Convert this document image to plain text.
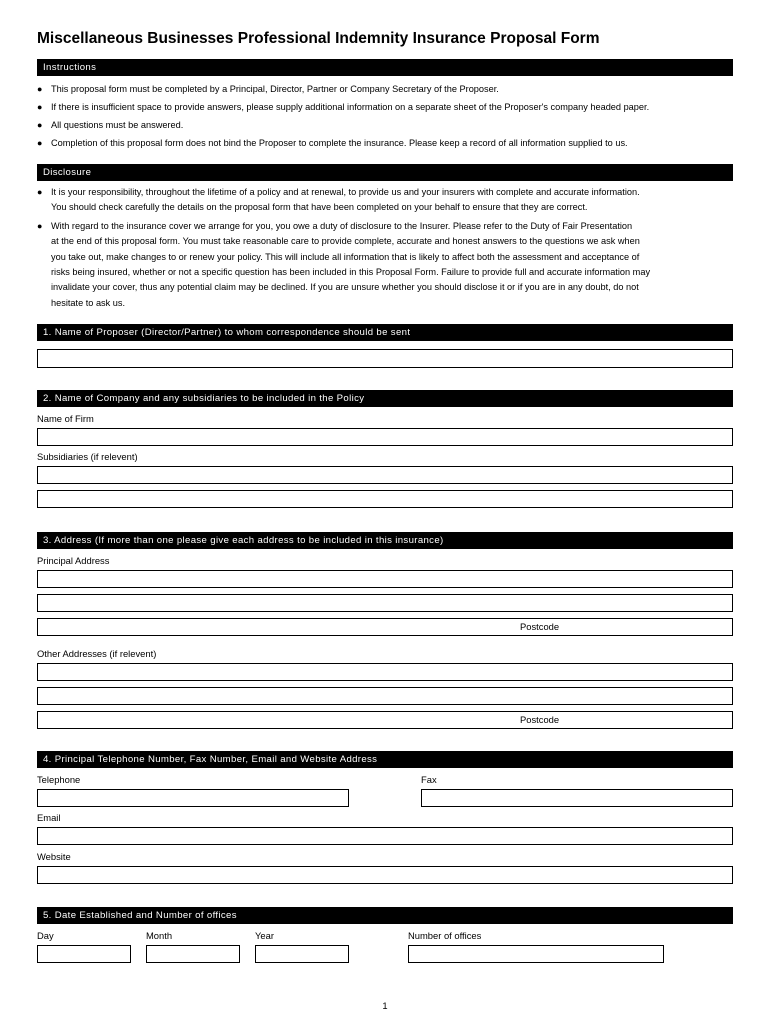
Miscellaneous Businesses Professional Indemnity Insurance Proposal Form
Instructions
● This proposal form must be completed by a Principal, Director, Partner or Company Secretary of the Proposer.
● If there is insufficient space to provide answers, please supply additional information on a separate sheet of the Proposer's company headed paper.
● All questions must be answered.
● Completion of this proposal form does not bind the Proposer to complete the insurance. Please keep a record of all information supplied to us.
Disclosure
● It is your responsibility, throughout the lifetime of a policy and at renewal, to provide us and your insurers with complete and accurate information.
You should check carefully the details on the proposal form that have been completed on your behalf to ensure that they are correct.
● With regard to the insurance cover we arrange for you, you owe a duty of disclosure to the Insurer. Please refer to the Duty of Fair Presentation
at the end of this proposal form. You must take reasonable care to provide complete, accurate and honest answers to the questions we ask when
you take out, make changes to or renew your policy. This will include all information that is likely to affect both the assessment and acceptance of
risks being insured, whether or not a specific question has been included in this Proposal Form. Failure to provide full and accurate information may
invalidate your cover, thus any potential claim may be declined. If you are unsure whether you should disclose it or if you are in any doubt, do not
hesitate to ask us.
1. Name of Proposer (Director/Partner) to whom correspondence should be sent
2. Name of Company and any subsidiaries to be included in the Policy
Name of Firm
Subsidiaries (if relevent)
3. Address (If more than one please give each address to be included in this insurance)
Principal Address
Postcode
Other Addresses (if relevent)
Postcode
4. Principal Telephone Number, Fax Number, Email and Website Address
Telephone	Fax
Email
Website
5. Date Established and Number of offices
Day	Month	Year	Number of offices
1
